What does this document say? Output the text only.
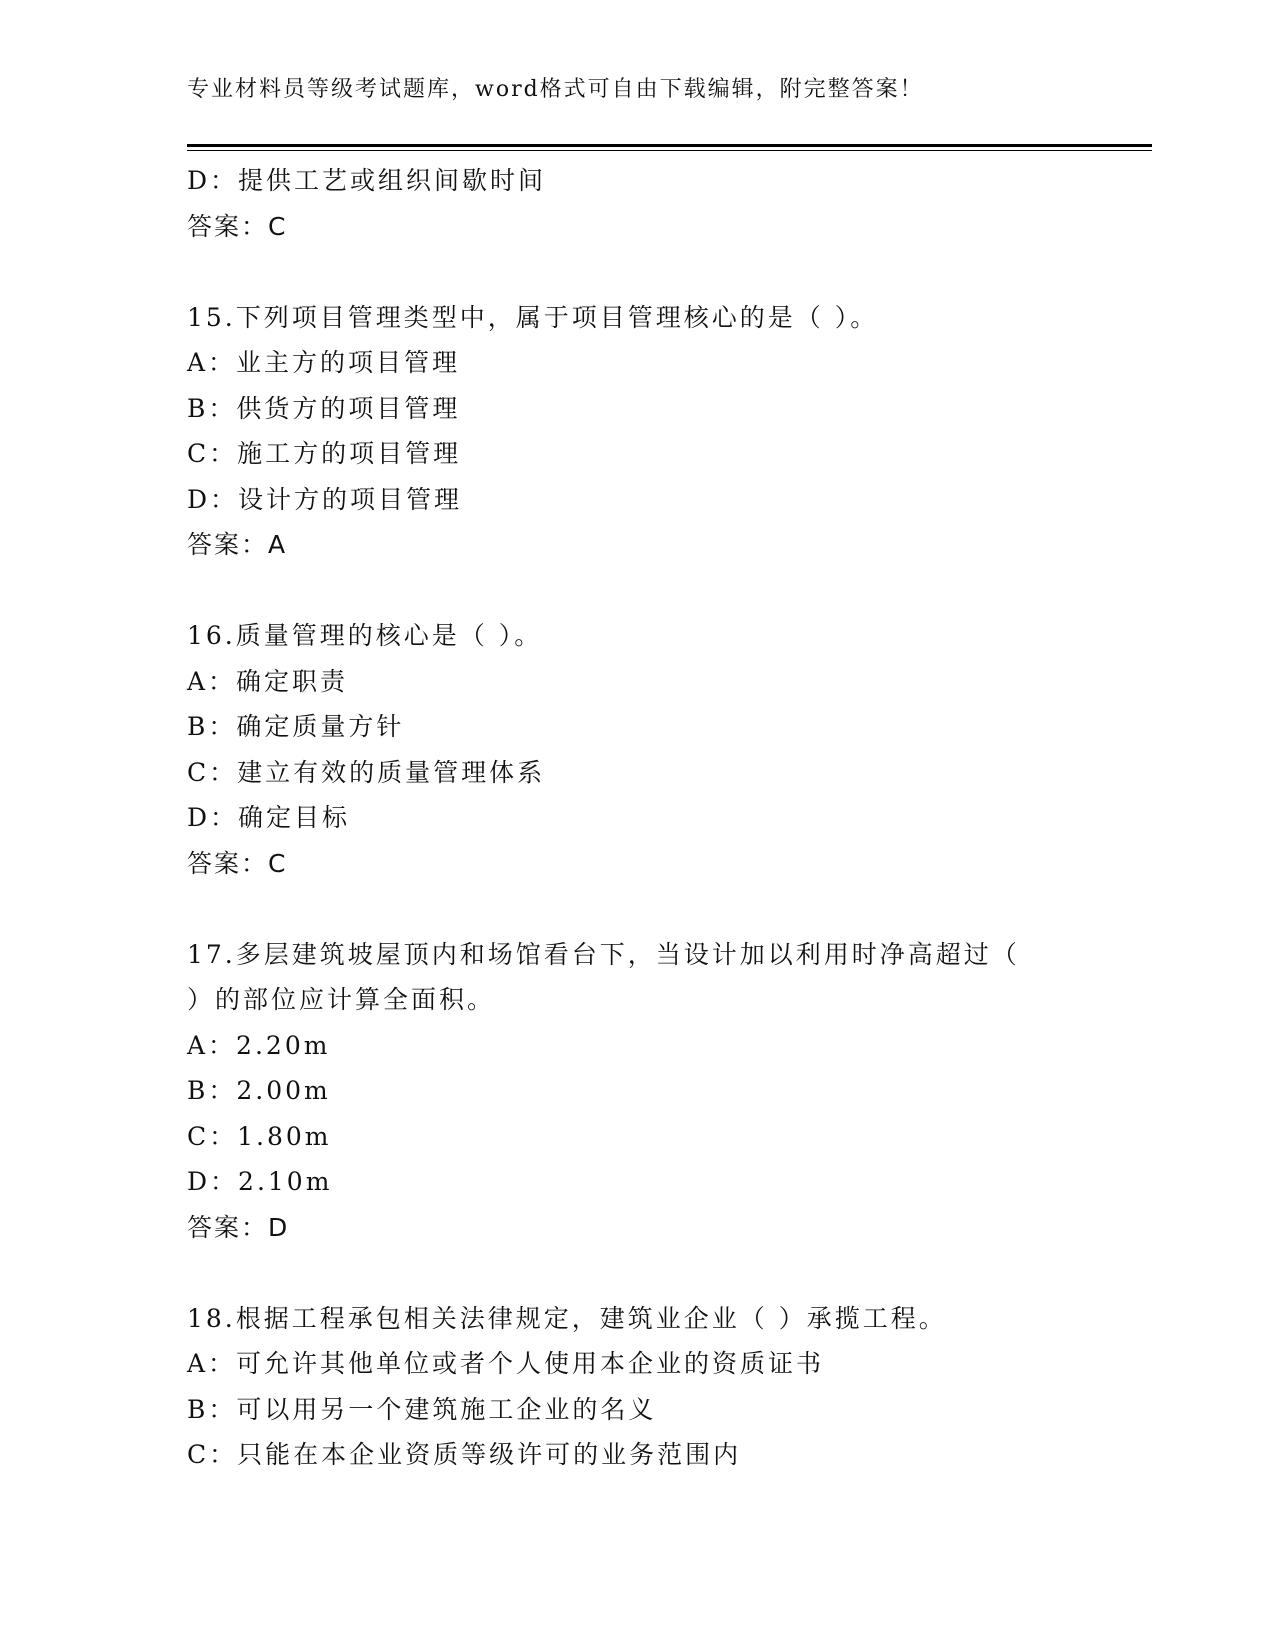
专业材料员等级考试题库，word格式可自由下载编辑，附完整答案！
D：提供工艺或组织间歇时间
答案：C
15.下列项目管理类型中，属于项目管理核心的是（ ）。
A：业主方的项目管理
B：供货方的项目管理
C：施工方的项目管理
D：设计方的项目管理
答案：A
16.质量管理的核心是（ ）。
A：确定职责
B：确定质量方针
C：建立有效的质量管理体系
D：确定目标
答案：C
17.多层建筑坡屋顶内和场馆看台下，当设计加以利用时净高超过（
）的部位应计算全面积。
A：2.20m
B：2.00m
C：1.80m
D：2.10m
答案：D
18.根据工程承包相关法律规定，建筑业企业（ ）承揽工程。
A：可允许其他单位或者个人使用本企业的资质证书
B：可以用另一个建筑施工企业的名义
C：只能在本企业资质等级许可的业务范围内
